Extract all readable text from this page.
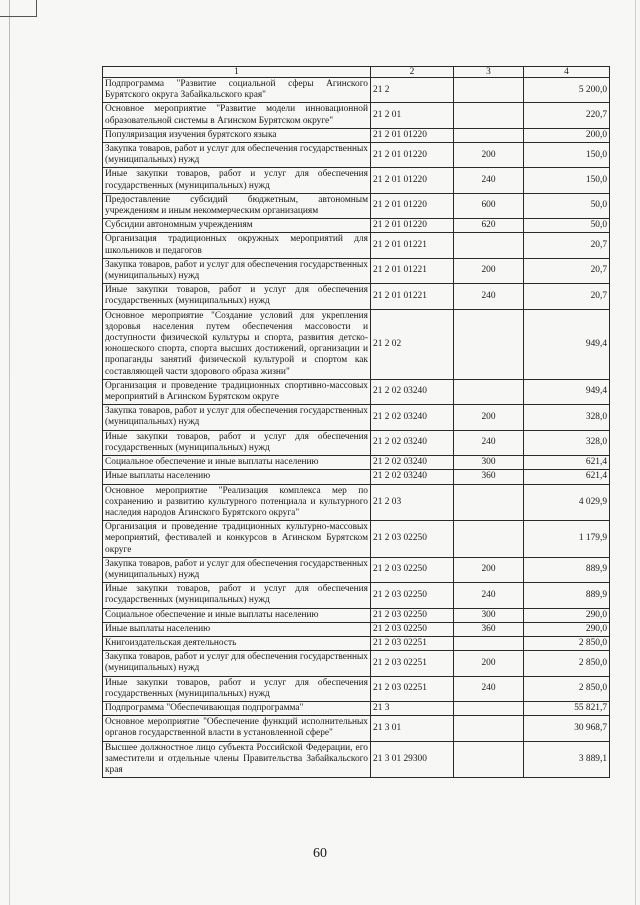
1	2	3	4
Подпрограмма "Развитие социальной сферы Агинского Бурятского округа Забайкальского края"	21 2		5 200,0
Основное мероприятие "Развитие модели инновационной образовательной системы в Агинском Бурятском округе"	21 2 01		220,7
Популяризация изучения бурятского языка	21 2 01 01220		200,0
Закупка товаров, работ и услуг для обеспечения государственных (муниципальных) нужд	21 2 01 01220	200	150,0
Иные закупки товаров, работ и услуг для обеспечения государственных (муниципальных) нужд	21 2 01 01220	240	150,0
Предоставление субсидий бюджетным, автономным учреждениям и иным некоммерческим организациям	21 2 01 01220	600	50,0
Субсидии автономным учреждениям	21 2 01 01220	620	50,0
Организация традиционных окружных мероприятий для школьников и педагогов	21 2 01 01221		20,7
Закупка товаров, работ и услуг для обеспечения государственных (муниципальных) нужд	21 2 01 01221	200	20,7
Иные закупки товаров, работ и услуг для обеспечения государственных (муниципальных) нужд	21 2 01 01221	240	20,7
Основное мероприятие "Создание условий для укрепления здоровья населения путем обеспечения массовости и доступности физической культуры и спорта, развития детско-юношеского спорта, спорта высших достижений, организации и пропаганды занятий физической культурой и спортом как составляющей части здорового образа жизни"	21 2 02		949,4
Организация и проведение традиционных спортивно-массовых мероприятий в Агинском Бурятском округе	21 2 02 03240		949,4
Закупка товаров, работ и услуг для обеспечения государственных (муниципальных) нужд	21 2 02 03240	200	328,0
Иные закупки товаров, работ и услуг для обеспечения государственных (муниципальных) нужд	21 2 02 03240	240	328,0
Социальное обеспечение и иные выплаты населению	21 2 02 03240	300	621,4
Иные выплаты населению	21 2 02 03240	360	621,4
Основное мероприятие "Реализация комплекса мер по сохранению и развитию культурного потенциала и культурного наследия народов Агинского Бурятского округа"	21 2 03		4 029,9
Организация и проведение традиционных культурно-массовых мероприятий, фестивалей и конкурсов в Агинском Бурятском округе	21 2 03 02250		1 179,9
Закупка товаров, работ и услуг для обеспечения государственных (муниципальных) нужд	21 2 03 02250	200	889,9
Иные закупки товаров, работ и услуг для обеспечения государственных (муниципальных) нужд	21 2 03 02250	240	889,9
Социальное обеспечение и иные выплаты населению	21 2 03 02250	300	290,0
Иные выплаты населению	21 2 03 02250	360	290,0
Книгоиздательская деятельность	21 2 03 02251		2 850,0
Закупка товаров, работ и услуг для обеспечения государственных (муниципальных) нужд	21 2 03 02251	200	2 850,0
Иные закупки товаров, работ и услуг для обеспечения государственных (муниципальных) нужд	21 2 03 02251	240	2 850,0
Подпрограмма "Обеспечивающая подпрограмма"	21 3		55 821,7
Основное мероприятие "Обеспечение функций исполнительных органов государственной власти в установленной сфере"	21 3 01		30 968,7
Высшее должностное лицо субъекта Российской Федерации, его заместители и отдельные члены Правительства Забайкальского края	21 3 01 29300		3 889,1
60
